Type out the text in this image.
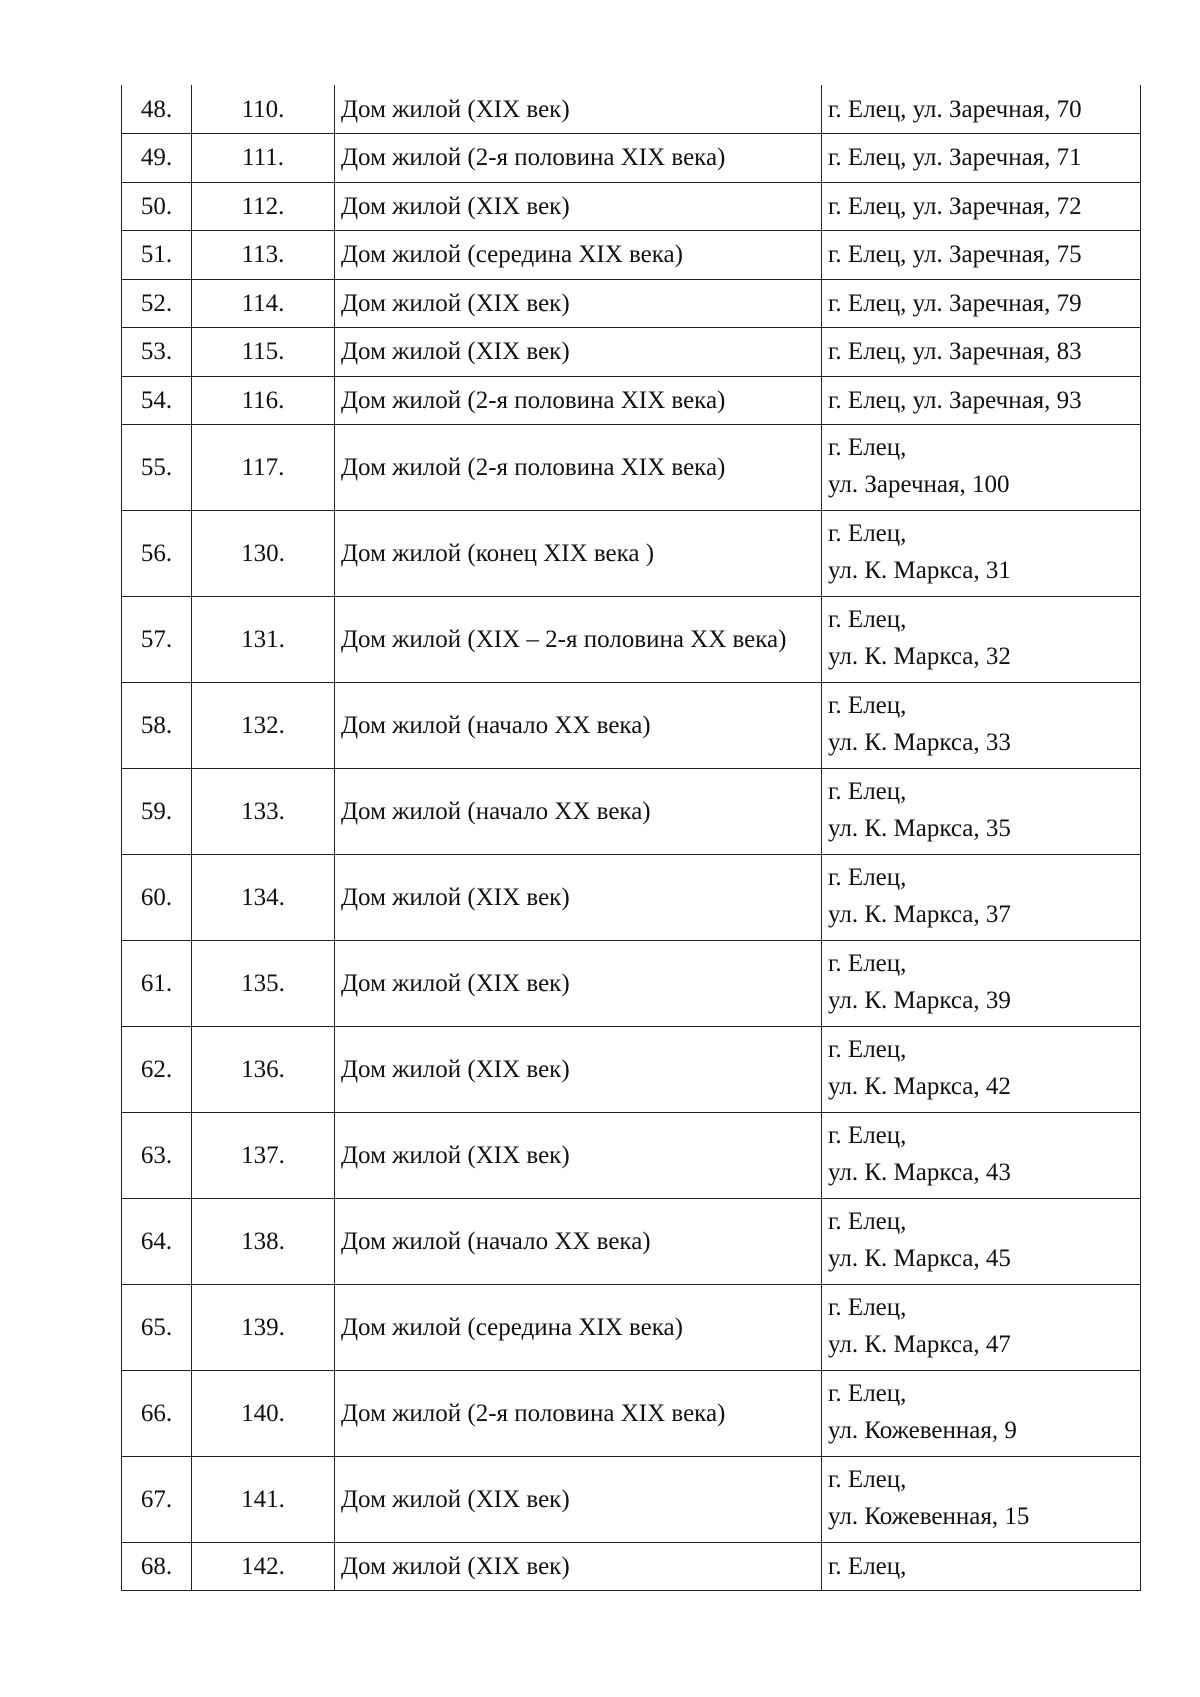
48.	110.	Дом жилой (XIX век)	г. Елец, ул. Заречная, 70

49.	111.	Дом жилой (2-я половина XIX века)	г. Елец, ул. Заречная, 71

50.	112.	Дом жилой (XIX век)	г. Елец, ул. Заречная, 72

51.	113.	Дом жилой (середина XIX века)	г. Елец, ул. Заречная, 75

52.	114.	Дом жилой (XIX век)	г. Елец, ул. Заречная, 79

53.	115.	Дом жилой (XIX век)	г. Елец, ул. Заречная, 83

54.	116.	Дом жилой (2-я половина XIX века)	г. Елец, ул. Заречная, 93

55.	117.	Дом жилой (2-я половина XIX века)	г. Елец,
ул. Заречная, 100

56.	130.	Дом жилой (конец XIX века )	г. Елец,
ул. К. Маркса, 31

57.	131.	Дом жилой (XIX – 2-я половина XX века)	г. Елец,
ул. К. Маркса, 32

58.	132.	Дом жилой (начало XX века)	г. Елец,
ул. К. Маркса, 33

59.	133.	Дом жилой (начало XX века)	г. Елец,
ул. К. Маркса, 35

60.	134.	Дом жилой (XIX век)	г. Елец,
ул. К. Маркса, 37

61.	135.	Дом жилой (XIX век)	г. Елец,
ул. К. Маркса, 39

62.	136.	Дом жилой (XIX век)	г. Елец,
ул. К. Маркса, 42

63.	137.	Дом жилой (XIX век)	г. Елец,
ул. К. Маркса, 43

64.	138.	Дом жилой (начало XX века)	г. Елец,
ул. К. Маркса, 45

65.	139.	Дом жилой (середина XIX века)	г. Елец,
ул. К. Маркса, 47

66.	140.	Дом жилой (2-я половина XIX века)	г. Елец,
ул. Кожевенная, 9

67.	141.	Дом жилой (XIX век)	г. Елец,
ул. Кожевенная, 15

68.	142.	Дом жилой (XIX век)	г. Елец,
